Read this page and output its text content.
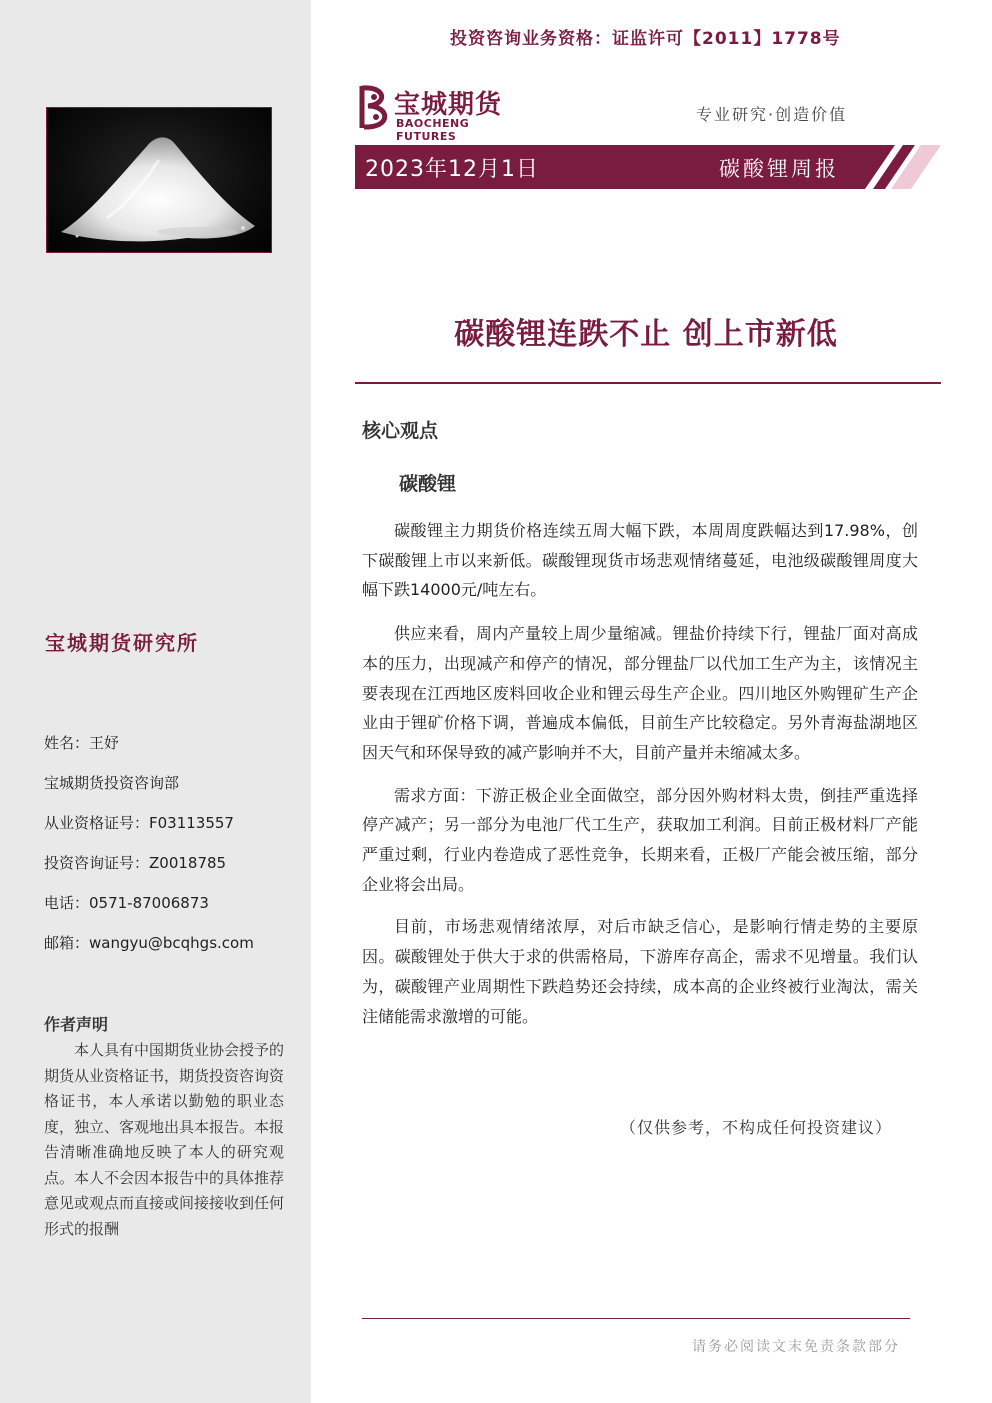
宝城期货研究所
姓名：王妤
宝城期货投资咨询部
从业资格证号：F03113557
投资咨询证号：Z0018785
电话：0571-87006873
邮箱：wangyu@bcqhgs.com
作者声明
本人具有中国期货业协会授予的期货从业资格证书，期货投资咨询资格证书，本人承诺以勤勉的职业态度，独立、客观地出具本报告。本报告清晰准确地反映了本人的研究观点。本人不会因本报告中的具体推荐意见或观点而直接或间接接收到任何形式的报酬
投资咨询业务资格：证监许可【2011】1778号
宝城期货
BAOCHENG FUTURES
专业研究·创造价值
2023年12月1日	碳酸锂周报
碳酸锂连跌不止 创上市新低
核心观点
碳酸锂

碳酸锂主力期货价格连续五周大幅下跌，本周周度跌幅达到17.98%，创下碳酸锂上市以来新低。碳酸锂现货市场悲观情绪蔓延，电池级碳酸锂周度大幅下跌14000元/吨左右。

供应来看，周内产量较上周少量缩减。锂盐价持续下行，锂盐厂面对高成本的压力，出现减产和停产的情况，部分锂盐厂以代加工生产为主，该情况主要表现在江西地区废料回收企业和锂云母生产企业。四川地区外购锂矿生产企业由于锂矿价格下调，普遍成本偏低，目前生产比较稳定。另外青海盐湖地区因天气和环保导致的减产影响并不大，目前产量并未缩减太多。

需求方面：下游正极企业全面做空，部分因外购材料太贵，倒挂严重选择停产减产；另一部分为电池厂代工生产，获取加工利润。目前正极材料厂产能严重过剩，行业内卷造成了恶性竞争，长期来看，正极厂产能会被压缩，部分企业将会出局。

目前，市场悲观情绪浓厚，对后市缺乏信心，是影响行情走势的主要原因。碳酸锂处于供大于求的供需格局，下游库存高企，需求不见增量。我们认为，碳酸锂产业周期性下跌趋势还会持续，成本高的企业终被行业淘汰，需关注储能需求激增的可能。

（仅供参考，不构成任何投资建议）
请务必阅读文末免责条款部分
